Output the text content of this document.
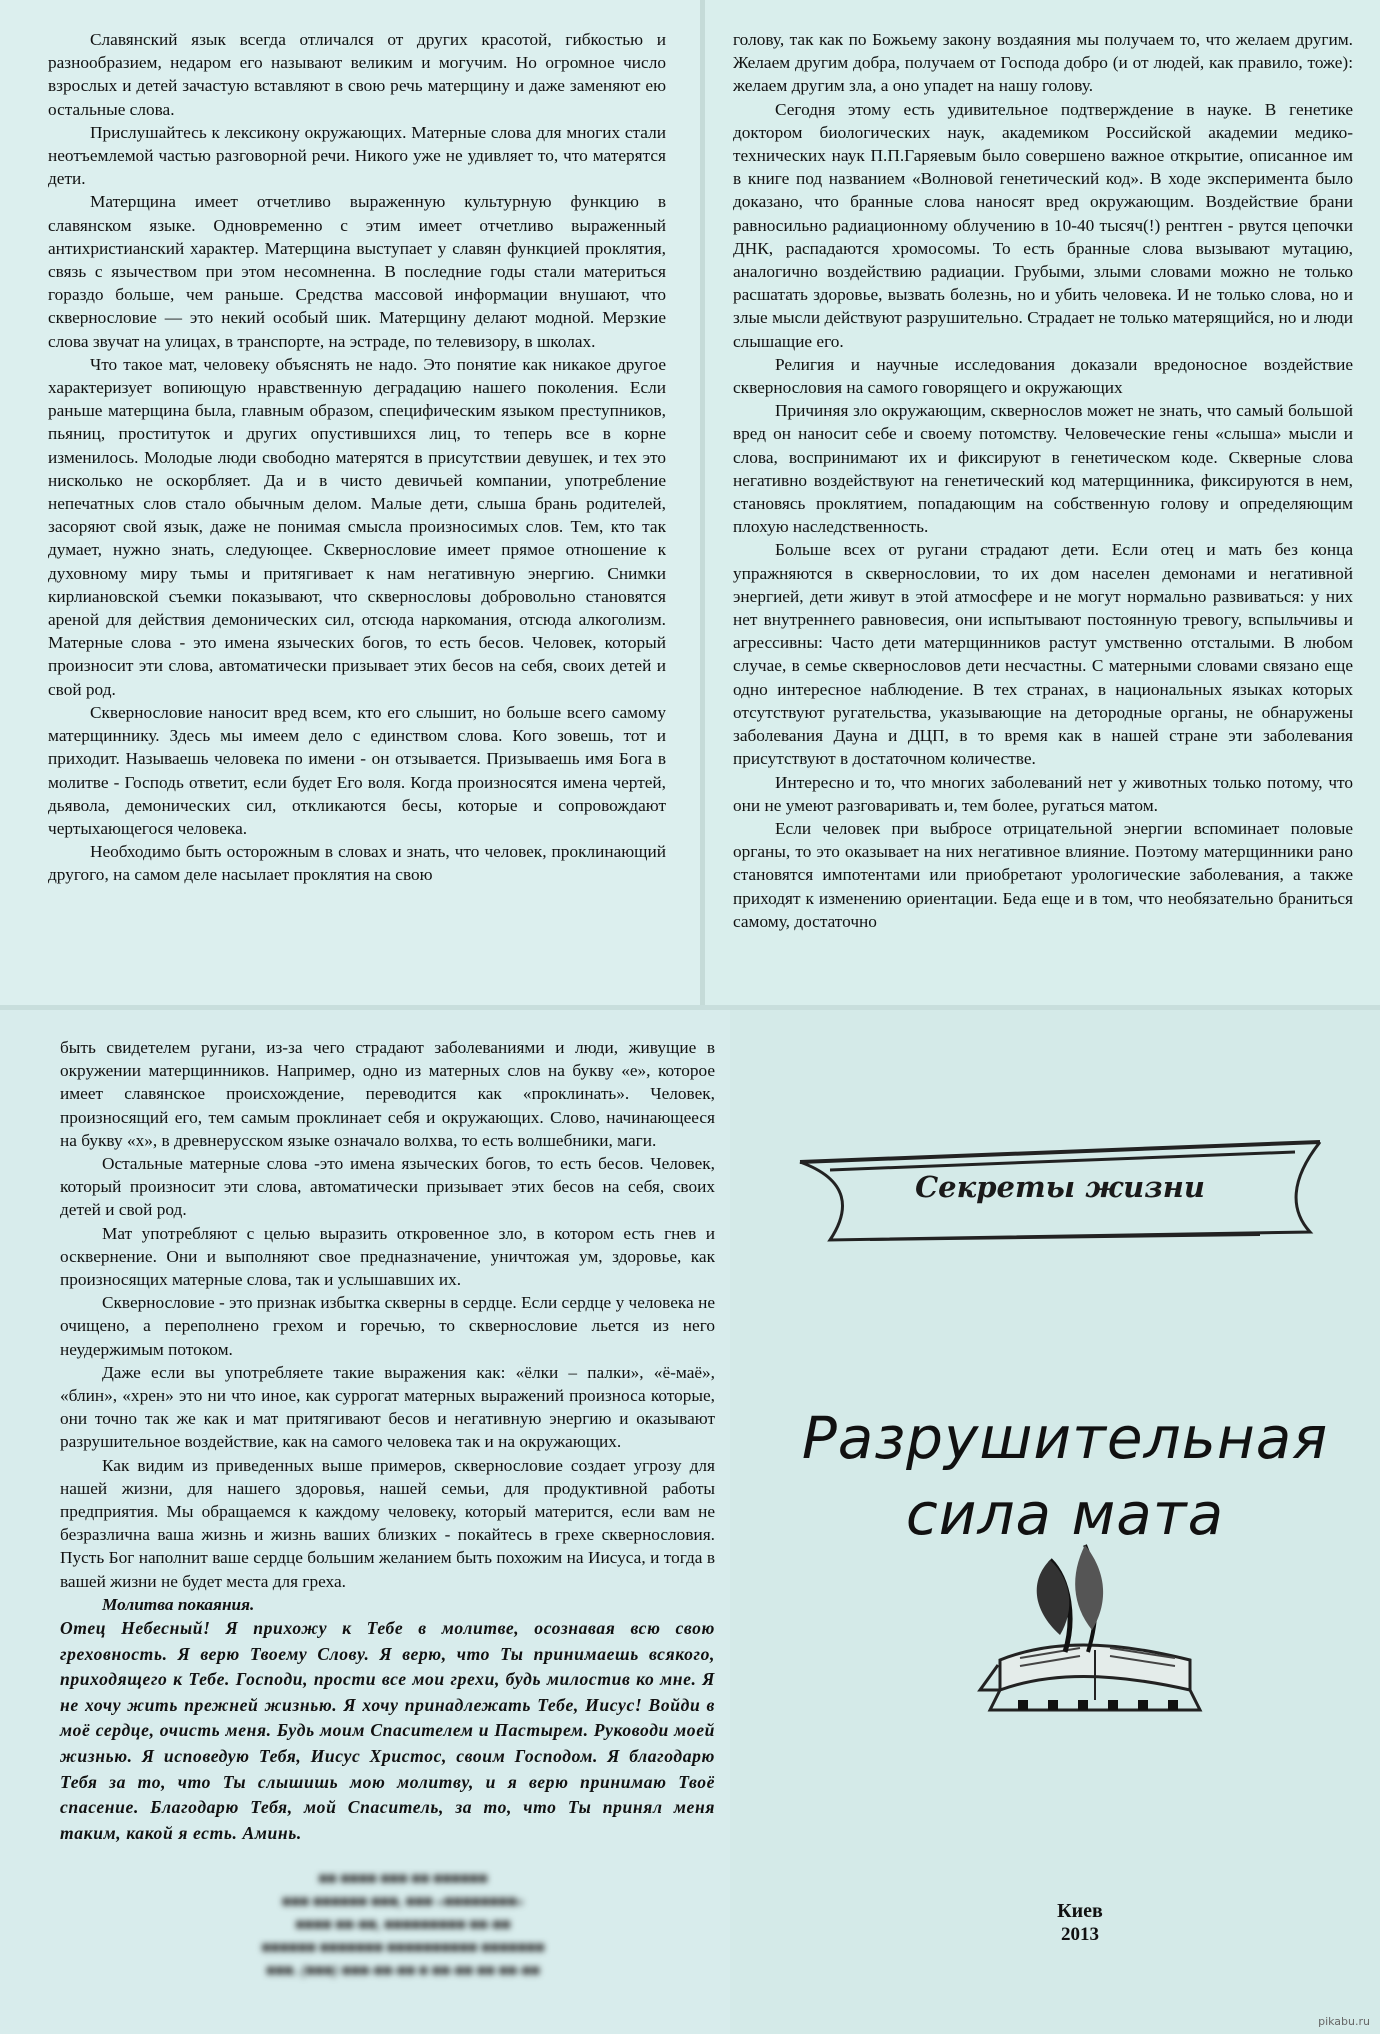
Славянский язык всегда отличался от других красотой, гибкостью и разнообразием, недаром его называют великим и могучим. Но огромное число взрослых и детей зачастую вставляют в свою речь матерщину и даже заменяют ею остальные слова.

Прислушайтесь к лексикону окружающих. Матерные слова для многих стали неотъемлемой частью разговорной речи. Никого уже не удивляет то, что матерятся дети.

Матерщина имеет отчетливо выраженную культурную функцию в славянском языке. Одновременно с этим имеет отчетливо выраженный антихристианский характер. Матерщина выступает у славян функцией проклятия, связь с язычеством при этом несомненна. В последние годы стали материться гораздо больше, чем раньше. Средства массовой информации внушают, что сквернословие — это некий особый шик. Матерщину делают модной. Мерзкие слова звучат на улицах, в транспорте, на эстраде, по телевизору, в школах.

Что такое мат, человеку объяснять не надо. Это понятие как никакое другое характеризует вопиющую нравственную деградацию нашего поколения. Если раньше матерщина была, главным образом, специфическим языком преступников, пьяниц, проституток и других опустившихся лиц, то теперь все в корне изменилось. Молодые люди свободно матерятся в присутствии девушек, и тех это нисколько не оскорбляет. Да и в чисто девичьей компании, употребление непечатных слов стало обычным делом. Малые дети, слыша брань родителей, засоряют свой язык, даже не понимая смысла произносимых слов. Тем, кто так думает, нужно знать, следующее. Сквернословие имеет прямое отношение к духовному миру тьмы и притягивает к нам негативную энергию. Снимки кирлиановской съемки показывают, что сквернословы добровольно становятся ареной для действия демонических сил, отсюда наркомания, отсюда алкоголизм. Матерные слова - это имена языческих богов, то есть бесов. Человек, который произносит эти слова, автоматически призывает этих бесов на себя, своих детей и свой род.

Сквернословие наносит вред всем, кто его слышит, но больше всего самому матерщиннику. Здесь мы имеем дело с единством слова. Кого зовешь, тот и приходит. Называешь человека по имени - он отзывается. Призываешь имя Бога в молитве - Господь ответит, если будет Его воля. Когда произносятся имена чертей, дьявола, демонических сил, откликаются бесы, которые и сопровождают чертыхающегося человека.

Необходимо быть осторожным в словах и знать, что человек, проклинающий другого, на самом деле насылает проклятия на свою

голову, так как по Божьему закону воздаяния мы получаем то, что желаем другим. Желаем другим добра, получаем от Господа добро (и от людей, как правило, тоже): желаем другим зла, а оно упадет на нашу голову.

Сегодня этому есть удивительное подтверждение в науке. В генетике доктором биологических наук, академиком Российской академии медико-технических наук П.П.Гаряевым было совершено важное открытие, описанное им в книге под названием «Волновой генетический код». В ходе эксперимента было доказано, что бранные слова наносят вред окружающим. Воздействие брани равносильно радиационному облучению в 10-40 тысяч(!) рентген - рвутся цепочки ДНК, распадаются хромосомы. То есть бранные слова вызывают мутацию, аналогично воздействию радиации. Грубыми, злыми словами можно не только расшатать здоровье, вызвать болезнь, но и убить человека. И не только слова, но и злые мысли действуют разрушительно. Страдает не только матерящийся, но и люди слышащие его.

Религия и научные исследования доказали вредоносное воздействие сквернословия на самого говорящего и окружающих

Причиняя зло окружающим, сквернослов может не знать, что самый большой вред он наносит себе и своему потомству. Человеческие гены «слыша» мысли и слова, воспринимают их и фиксируют в генетическом коде. Скверные слова негативно воздействуют на генетический код матерщинника, фиксируются в нем, становясь проклятием, попадающим на собственную голову и определяющим плохую наследственность.

Больше всех от ругани страдают дети. Если отец и мать без конца упражняются в сквернословии, то их дом населен демонами и негативной энергией, дети живут в этой атмосфере и не могут нормально развиваться: у них нет внутреннего равновесия, они испытывают постоянную тревогу, вспыльчивы и агрессивны: Часто дети матерщинников растут умственно отсталыми. В любом случае, в семье сквернословов дети несчастны. С матерными словами связано еще одно интересное наблюдение. В тех странах, в национальных языках которых отсутствуют ругательства, указывающие на детородные органы, не обнаружены заболевания Дауна и ДЦП, в то время как в нашей стране эти заболевания присутствуют в достаточном количестве.

Интересно и то, что многих заболеваний нет у животных только потому, что они не умеют разговаривать и, тем более, ругаться матом.

Если человек при выбросе отрицательной энергии вспоминает половые органы, то это оказывает на них негативное влияние. Поэтому матерщинники рано становятся импотентами или приобретают урологические заболевания, а также приходят к изменению ориентации. Беда еще и в том, что необязательно браниться самому, достаточно

быть свидетелем ругани, из-за чего страдают заболеваниями и люди, живущие в окружении матерщинников. Например, одно из матерных слов на букву «е», которое имеет славянское происхождение, переводится как «проклинать». Человек, произносящий его, тем самым проклинает себя и окружающих. Слово, начинающееся на букву «х», в древнерусском языке означало волхва, то есть волшебники, маги.

Остальные матерные слова -это имена языческих богов, то есть бесов. Человек, который произносит эти слова, автоматически призывает этих бесов на себя, своих детей и свой род.

Мат употребляют с целью выразить откровенное зло, в котором есть гнев и осквернение. Они и выполняют свое предназначение, уничтожая ум, здоровье, как произносящих матерные слова, так и услышавших их.

Сквернословие - это признак избытка скверны в сердце. Если сердце у человека не очищено, а переполнено грехом и горечью, то сквернословие льется из него неудержимым потоком.

Даже если вы употребляете такие выражения как: «ёлки – палки», «ё-маё», «блин», «хрен» это ни что иное, как суррогат матерных выражений произноса которые, они точно так же как и мат притягивают бесов и негативную энергию и оказывают разрушительное воздействие, как на самого человека так и на окружающих.

Как видим из приведенных выше примеров, сквернословие создает угрозу для нашей жизни, для нашего здоровья, нашей семьи, для продуктивной работы предприятия. Мы обращаемся к каждому человеку, который матерится, если вам не безразлична ваша жизнь и жизнь ваших близких - покайтесь в грехе сквернословия. Пусть Бог наполнит ваше сердце большим желанием быть похожим на Иисуса, и тогда в вашей жизни не будет места для греха.

Молитва покаяния.

Отец Небесный! Я прихожу к Тебе в молитве, осознавая всю свою греховность. Я верю Твоему Слову. Я верю, что Ты принимаешь всякого, приходящего к Тебе. Господи, прости все мои грехи, будь милостив ко мне. Я не хочу жить прежней жизнью. Я хочу принадлежать Тебе, Иисус! Войди в моё сердце, очисть меня. Будь моим Спасителем и Пастырем. Руководи моей жизнью. Я исповедую Тебя, Иисус Христос, своим Господом. Я благодарю Тебя за то, что Ты слышишь мою молитву, и я верю принимаю Твоё спасение. Благодарю Тебя, мой Спаситель, за то, что Ты принял меня таким, какой я есть. Аминь.

■■ ■■■■ ■■■ ■■ ■■■■■■
■■■ ■■■■■■ ■■■, ■■■ «■■■■■■■■»
■■■■ ■■-■■, ■■■■■■■■■ ■■-■■
■■■■■■ ■■■■■■■ ■■■■■■■■■■ ■■■■■■■
■■■. (■■■) ■■■-■■-■■ ■ ■■-■■ ■■ ■■-■■
Секреты жизни
Разрушительная
сила мата
Киев
2013
pikabu.ru
